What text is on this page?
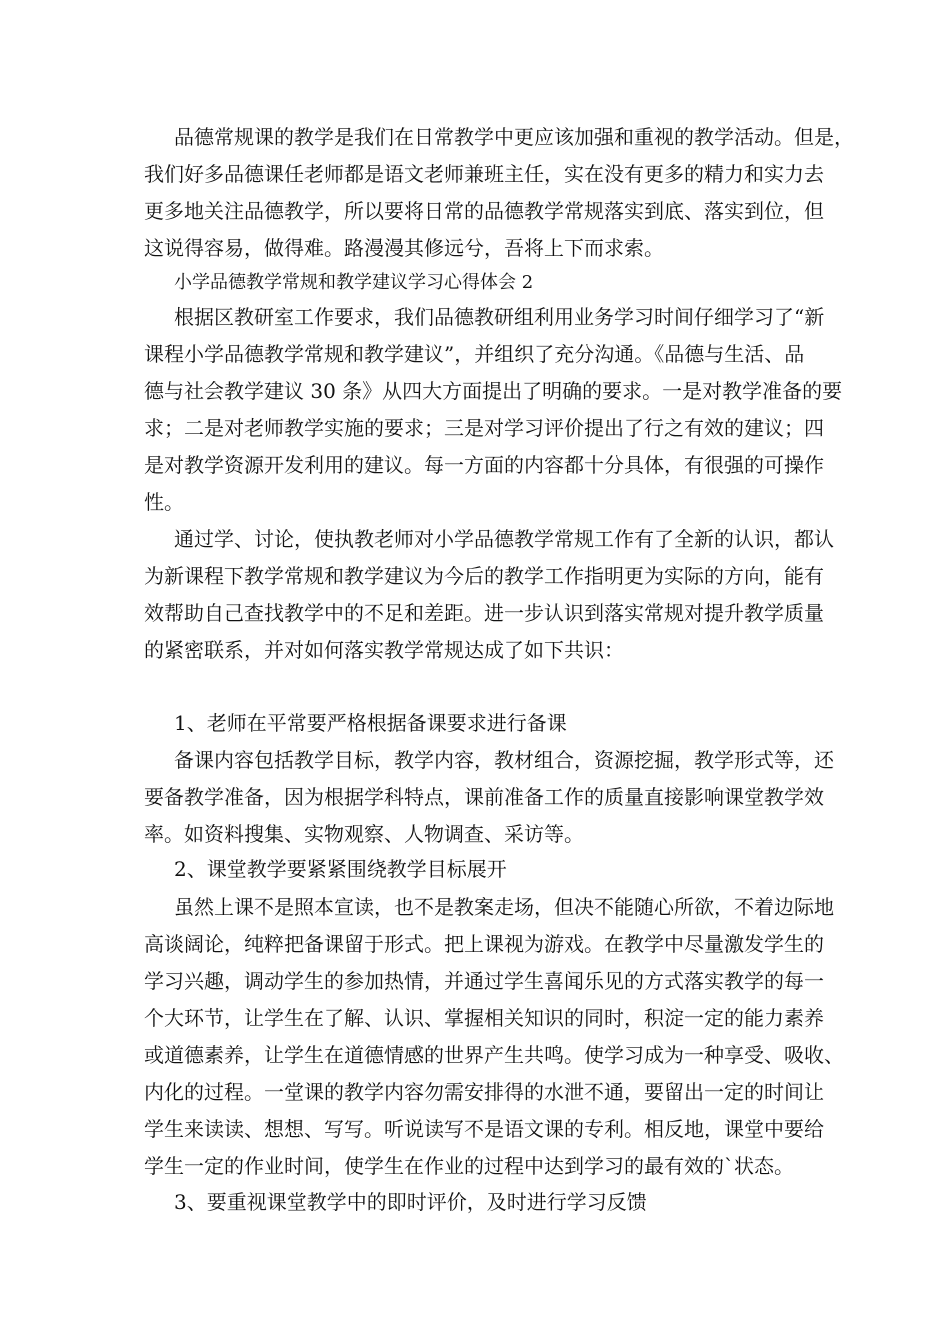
品德常规课的教学是我们在日常教学中更应该加强和重视的教学活动。但是，
我们好多品德课任老师都是语文老师兼班主任，实在没有更多的精力和实力去
更多地关注品德教学，所以要将日常的品德教学常规落实到底、落实到位，但
这说得容易，做得难。路漫漫其修远兮，吾将上下而求索。
小学品德教学常规和教学建议学习心得体会 2
根据区教研室工作要求，我们品德教研组利用业务学习时间仔细学习了“新
课程小学品德教学常规和教学建议”，并组织了充分沟通。《品德与生活、品
德与社会教学建议 30 条》从四大方面提出了明确的要求。一是对教学准备的要
求；二是对老师教学实施的要求；三是对学习评价提出了行之有效的建议；四
是对教学资源开发利用的建议。每一方面的内容都十分具体，有很强的可操作
性。
通过学、讨论，使执教老师对小学品德教学常规工作有了全新的认识，都认
为新课程下教学常规和教学建议为今后的教学工作指明更为实际的方向，能有
效帮助自己查找教学中的不足和差距。进一步认识到落实常规对提升教学质量
的紧密联系，并对如何落实教学常规达成了如下共识：
1、老师在平常要严格根据备课要求进行备课
备课内容包括教学目标，教学内容，教材组合，资源挖掘，教学形式等，还
要备教学准备，因为根据学科特点，课前准备工作的质量直接影响课堂教学效
率。如资料搜集、实物观察、人物调查、采访等。
2、课堂教学要紧紧围绕教学目标展开
虽然上课不是照本宣读，也不是教案走场，但决不能随心所欲，不着边际地
高谈阔论，纯粹把备课留于形式。把上课视为游戏。在教学中尽量激发学生的
学习兴趣，调动学生的参加热情，并通过学生喜闻乐见的方式落实教学的每一
个大环节，让学生在了解、认识、掌握相关知识的同时，积淀一定的能力素养
或道德素养，让学生在道德情感的世界产生共鸣。使学习成为一种享受、吸收、
内化的过程。一堂课的教学内容勿需安排得的水泄不通，要留出一定的时间让
学生来读读、想想、写写。听说读写不是语文课的专利。相反地，课堂中要给
学生一定的作业时间，使学生在作业的过程中达到学习的最有效的`状态。
3、要重视课堂教学中的即时评价，及时进行学习反馈
